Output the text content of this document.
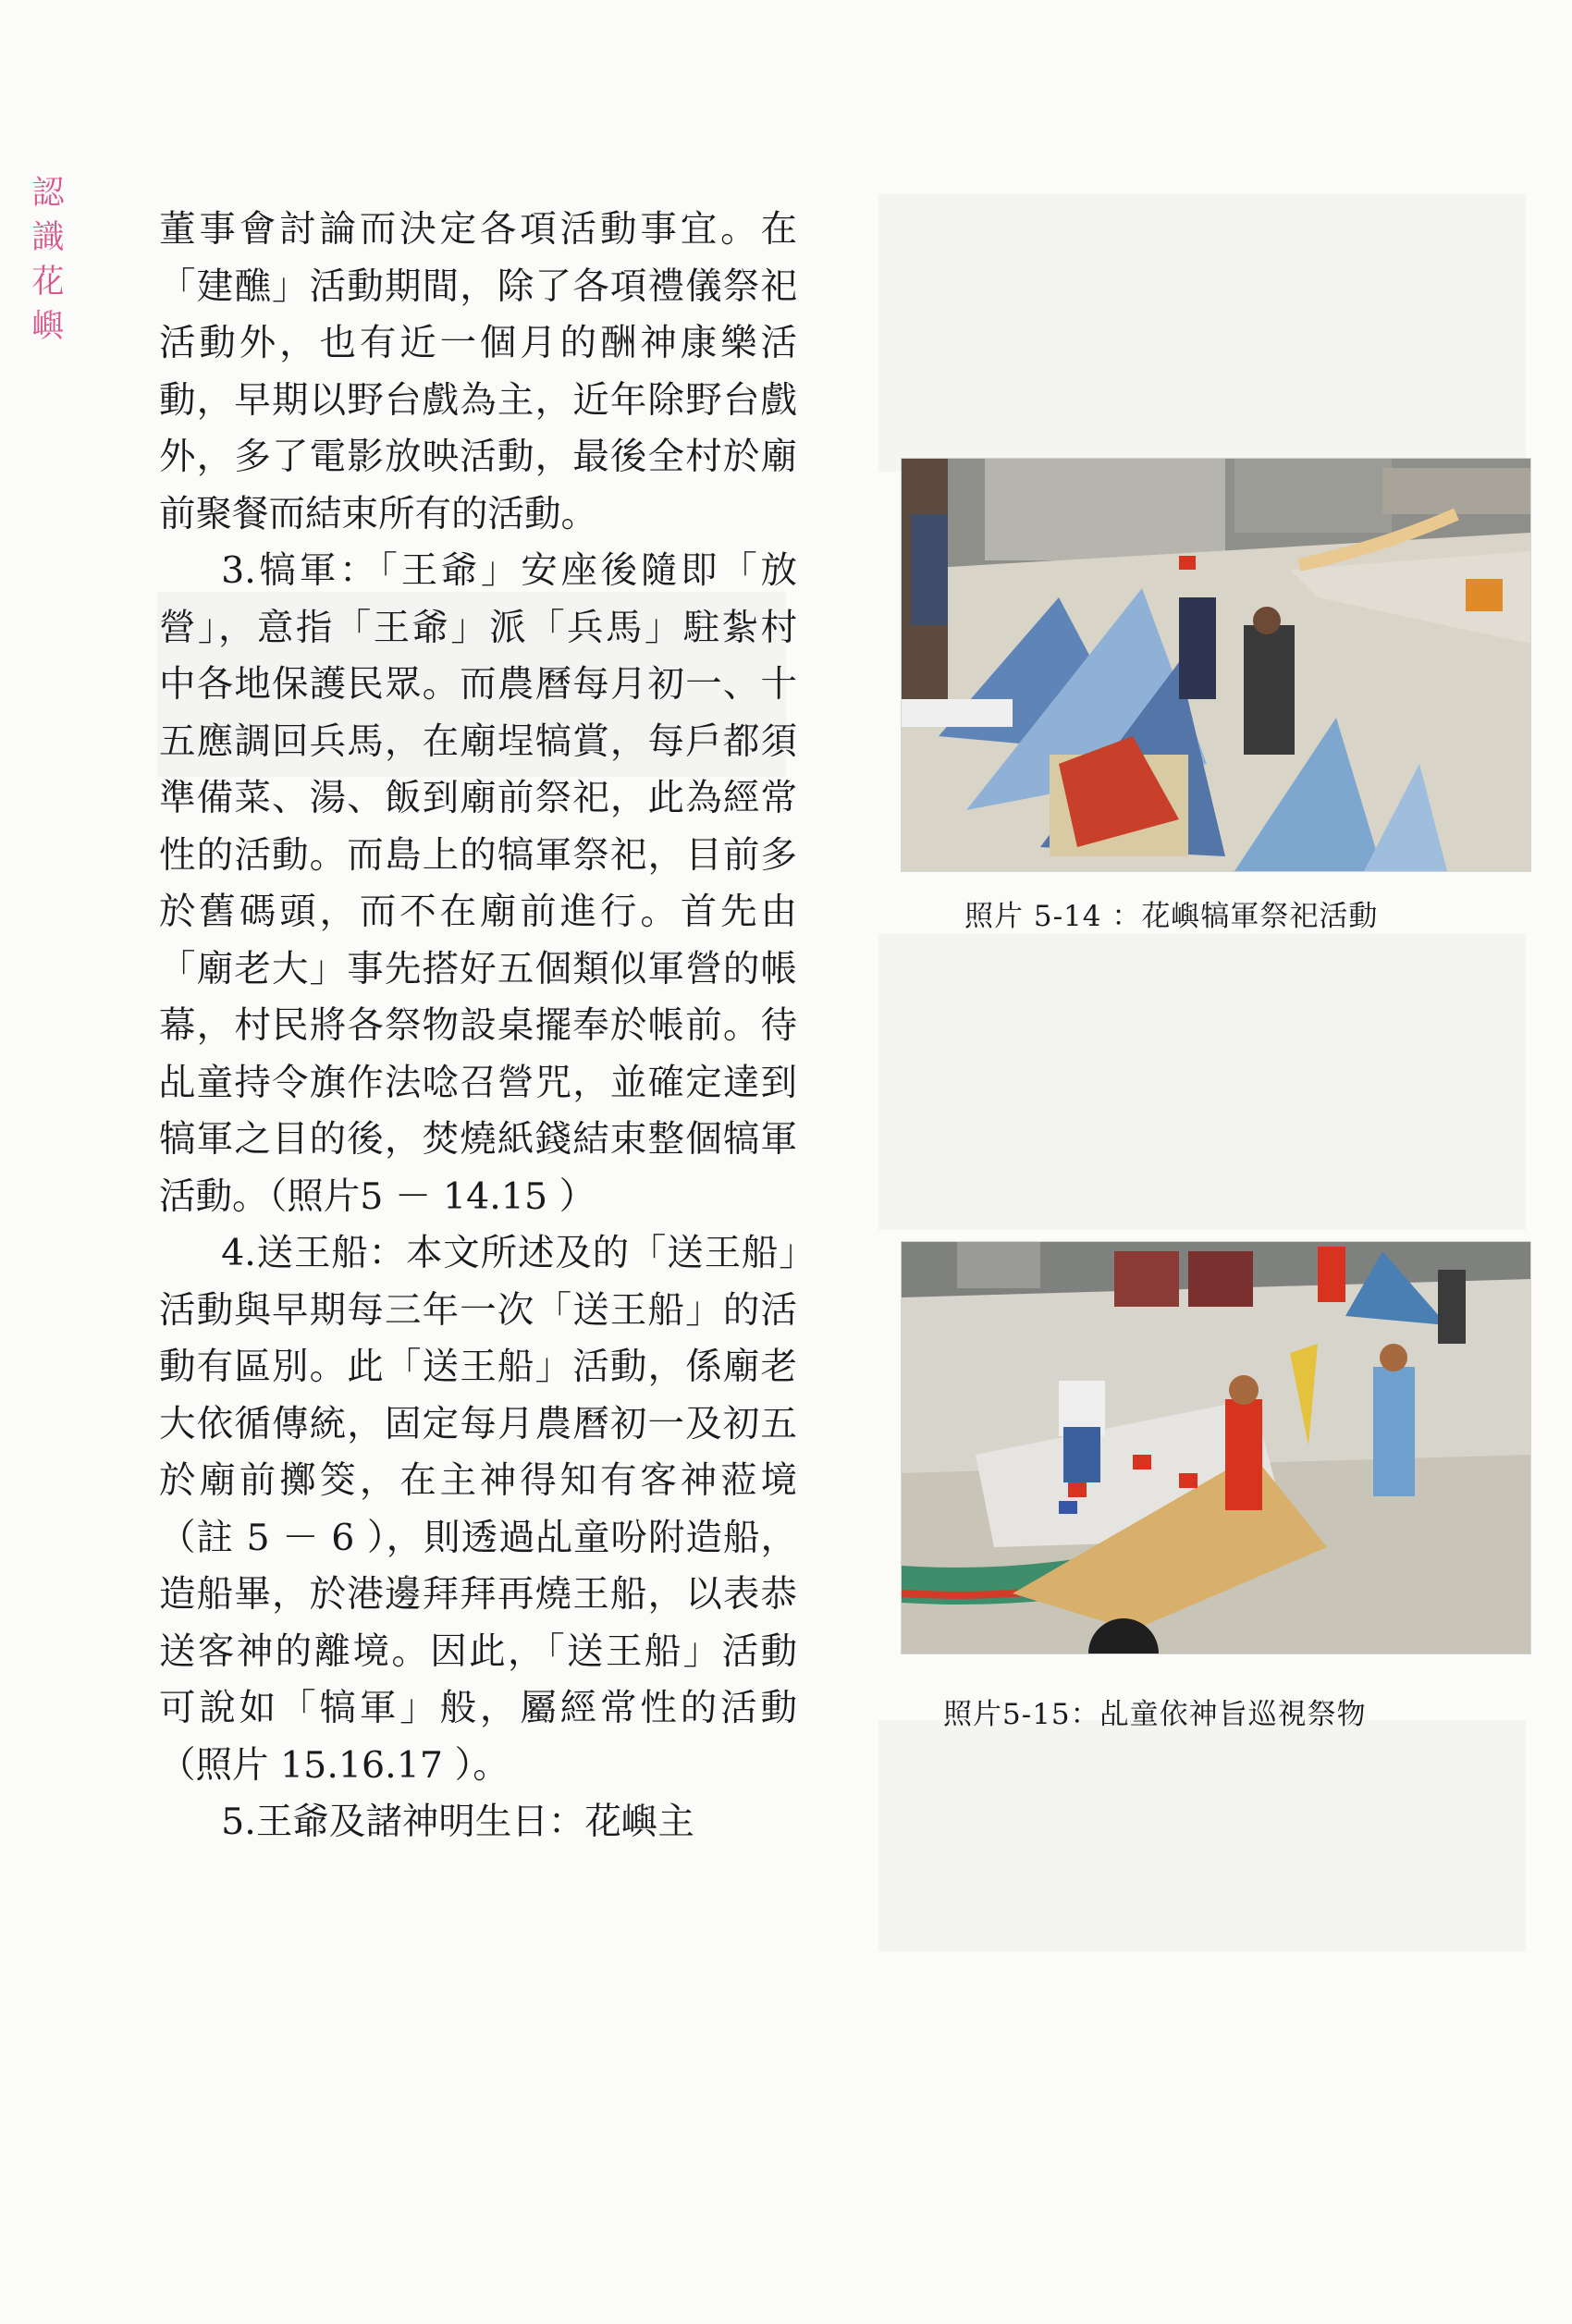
認
識
花
嶼

董事會討論而決定各項活動事宜。在「建醮」活動期間，除了各項禮儀祭祀活動外，也有近一個月的酬神康樂活動，早期以野台戲為主，近年除野台戲外，多了電影放映活動，最後全村於廟前聚餐而結束所有的活動。

3.犒軍：「王爺」安座後隨即「放營」，意指「王爺」派「兵馬」駐紮村中各地保護民眾。而農曆每月初一、十五應調回兵馬，在廟埕犒賞，每戶都須準備菜、湯、飯到廟前祭祀，此為經常性的活動。而島上的犒軍祭祀，目前多於舊碼頭，而不在廟前進行。首先由「廟老大」事先搭好五個類似軍營的帳幕，村民將各祭物設桌擺奉於帳前。待乩童持令旗作法唸召營咒，並確定達到犒軍之目的後，焚燒紙錢結束整個犒軍活動。（照片5 － 14.15 ）

4.送王船：本文所述及的「送王船」活動與早期每三年一次「送王船」的活動有區別。此「送王船」活動，係廟老大依循傳統，固定每月農曆初一及初五於廟前擲筊，在主神得知有客神蒞境（註 5 － 6 ），則透過乩童吩附造船，造船畢，於港邊拜拜再燒王船，以表恭送客神的離境。因此，「送王船」活動可說如「犒軍」般，屬經常性的活動（照片 15.16.17 ）。

5.王爺及諸神明生日：花嶼主

照片 5-14 ：花嶼犒軍祭祀活動
照片5-15：乩童依神旨巡視祭物
